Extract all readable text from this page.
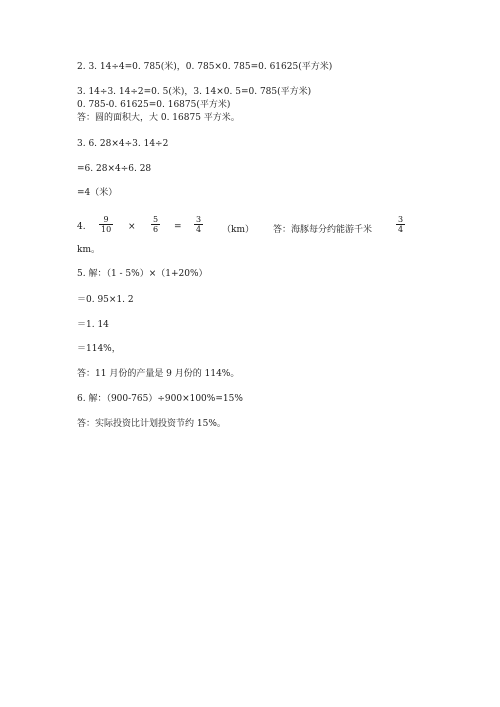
2. 3. 14÷4=0. 785(米)，0. 785×0. 785=0. 61625(平方米)
3. 14÷3. 14÷2=0. 5(米)，3. 14×0. 5=0. 785(平方米)
0. 785-0. 61625=0. 16875(平方米)
答：圆的面积大，大 0. 16875 平方米。
3. 6. 28×4÷3. 14÷2
=6. 28×4÷6. 28
=4（米）
4. $\frac{9}{10} \times \frac{5}{6} = \frac{3}{4} (km)$ 答：海豚每分约能游千米	$\frac{3}{4}$
km。
5. 解：（1 - 5%）×（1+20%）
＝0. 95×1. 2
＝1. 14
＝114%，
答：11 月份的产量是 9 月份的 114%。
6. 解：（900-765）÷900×100%=15%
答：实际投资比计划投资节约 15%。
